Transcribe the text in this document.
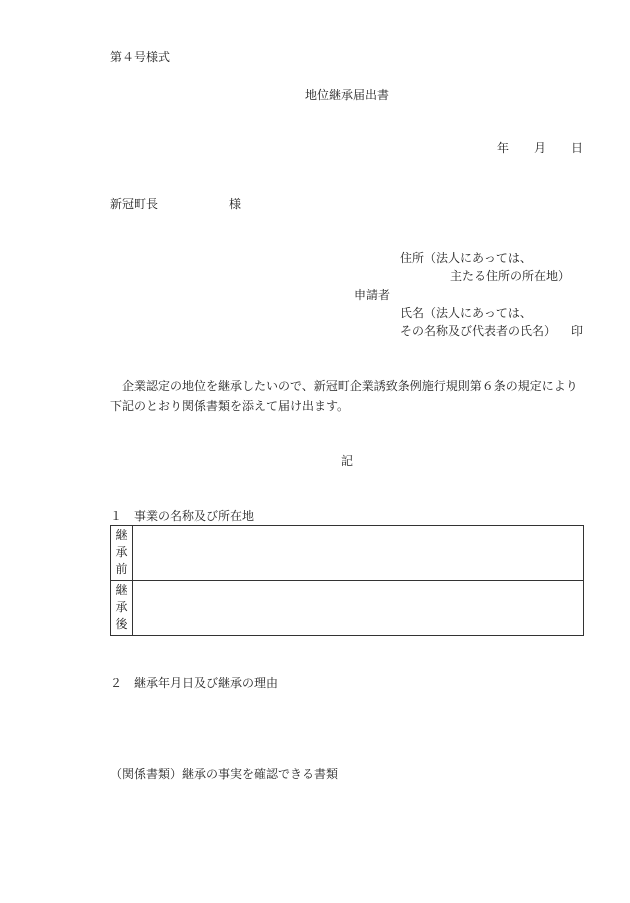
第４号様式
地位継承届出書
年 月 日
新冠町長	様
住所（法人にあっては、
主たる住所の所在地）
申請者
氏名（法人にあっては、
その名称及び代表者の氏名） 印
企業認定の地位を継承したいので、新冠町企業誘致条例施行規則第６条の規定により
下記のとおり関係書類を添えて届け出ます。
記
１　事業の名称及び所在地
継
承
前
継
承
後
２　継承年月日及び継承の理由
（関係書類）継承の事実を確認できる書類
